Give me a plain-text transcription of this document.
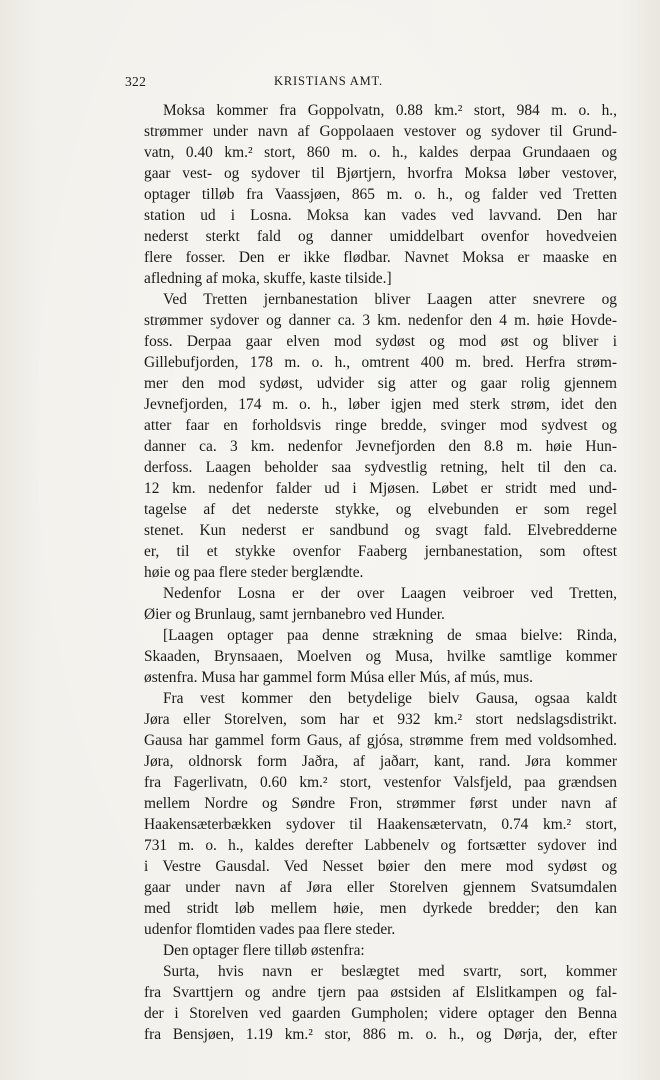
322	KRISTIANS AMT.
Moksa kommer fra Goppolvatn, 0.88 km.² stort, 984 m. o. h.,
strømmer under navn af Goppolaaen vestover og sydover til Grund-
vatn, 0.40 km.² stort, 860 m. o. h., kaldes derpaa Grundaaen og
gaar vest- og sydover til Bjørtjern, hvorfra Moksa løber vestover,
optager tilløb fra Vaassjøen, 865 m. o. h., og falder ved Tretten
station ud i Losna. Moksa kan vades ved lavvand. Den har
nederst sterkt fald og danner umiddelbart ovenfor hovedveien
flere fosser. Den er ikke flødbar. Navnet Moksa er maaske en
afledning af moka, skuffe, kaste tilside.]
Ved Tretten jernbanestation bliver Laagen atter snevrere og
strømmer sydover og danner ca. 3 km. nedenfor den 4 m. høie Hovde-
foss. Derpaa gaar elven mod sydøst og mod øst og bliver i
Gillebufjorden, 178 m. o. h., omtrent 400 m. bred. Herfra strøm-
mer den mod sydøst, udvider sig atter og gaar rolig gjennem
Jevnefjorden, 174 m. o. h., løber igjen med sterk strøm, idet den
atter faar en forholdsvis ringe bredde, svinger mod sydvest og
danner ca. 3 km. nedenfor Jevnefjorden den 8.8 m. høie Hun-
derfoss. Laagen beholder saa sydvestlig retning, helt til den ca.
12 km. nedenfor falder ud i Mjøsen. Løbet er stridt med und-
tagelse af det nederste stykke, og elvebunden er som regel
stenet. Kun nederst er sandbund og svagt fald. Elvebredderne
er, til et stykke ovenfor Faaberg jernbanestation, som oftest
høie og paa flere steder berglændte.
Nedenfor Losna er der over Laagen veibroer ved Tretten,
Øier og Brunlaug, samt jernbanebro ved Hunder.
[Laagen optager paa denne strækning de smaa bielve: Rinda,
Skaaden, Brynsaaen, Moelven og Musa, hvilke samtlige kommer
østenfra. Musa har gammel form Músa eller Mús, af mús, mus.
Fra vest kommer den betydelige bielv Gausa, ogsaa kaldt
Jøra eller Storelven, som har et 932 km.² stort nedslagsdistrikt.
Gausa har gammel form Gaus, af gjósa, strømme frem med voldsomhed.
Jøra, oldnorsk form Jaðra, af jaðarr, kant, rand. Jøra kommer
fra Fagerlivatn, 0.60 km.² stort, vestenfor Valsfjeld, paa grændsen
mellem Nordre og Søndre Fron, strømmer først under navn af
Haakensæterbækken sydover til Haakensætervatn, 0.74 km.² stort,
731 m. o. h., kaldes derefter Labbenelv og fortsætter sydover ind
i Vestre Gausdal. Ved Nesset bøier den mere mod sydøst og
gaar under navn af Jøra eller Storelven gjennem Svatsumdalen
med stridt løb mellem høie, men dyrkede bredder; den kan
udenfor flomtiden vades paa flere steder.
Den optager flere tilløb østenfra:
Surta, hvis navn er beslægtet med svartr, sort, kommer
fra Svarttjern og andre tjern paa østsiden af Elslitkampen og fal-
der i Storelven ved gaarden Gumpholen; videre optager den Benna
fra Bensjøen, 1.19 km.² stor, 886 m. o. h., og Dørja, der, efter
